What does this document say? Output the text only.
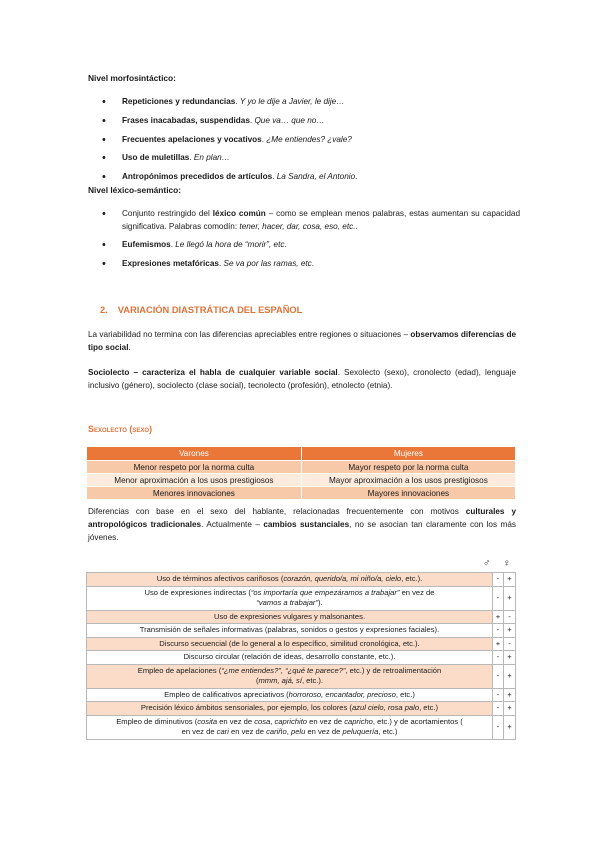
Nivel morfosintáctico:
• Repeticiones y redundancias. Y yo le dije a Javier, le dije…
• Frases inacabadas, suspendidas. Que va… que no…
• Frecuentes apelaciones y vocativos. ¿Me entiendes? ¿vale?
• Uso de muletillas. En plan…
• Antropónimos precedidos de artículos. La Sandra, el Antonio.
Nivel léxico-semántico:
• Conjunto restringido del léxico común – como se emplean menos palabras, estas aumentan su capacidad significativa. Palabras comodín: tener, hacer, dar, cosa, eso, etc..
• Eufemismos. Le llegó la hora de “morir”, etc.
• Expresiones metafóricas. Se va por las ramas, etc.
2. VARIACIÓN DIASTRÁTICA DEL ESPAÑOL
La variabilidad no termina con las diferencias apreciables entre regiones o situaciones – observamos diferencias de tipo social.
Sociolecto – caracteriza el habla de cualquier variable social. Sexolecto (sexo), cronolecto (edad), lenguaje inclusivo (género), sociolecto (clase social), tecnolecto (profesión), etnolecto (etnia).
Sexolecto (sexo)
Varones	Mujeres
Menor respeto por la norma culta	Mayor respeto por la norma culta
Menor aproximación a los usos prestigiosos	Mayor aproximación a los usos prestigiosos
Menores innovaciones	Mayores innovaciones
Diferencias con base en el sexo del hablante, relacionadas frecuentemente con motivos culturales y antropológicos tradicionales. Actualmente – cambios sustanciales, no se asocian tan claramente con los más jóvenes.
♂ ♀
Uso de términos afectivos cariñosos (corazón, querido/a, mi niño/a, cielo, etc.).	-	+
Uso de expresiones indirectas (“os importaría que empezáramos a trabajar” en vez de
“vamos a trabajar”).	-	+
Uso de expresiones vulgares y malsonantes.	+	-
Transmisión de señales informativas (palabras, sonidos o gestos y expresiones faciales).	-	+
Discurso secuencial (de lo general a lo específico, similitud cronológica, etc.).	+	-
Discurso circular (relación de ideas, desarrollo constante, etc.).	-	+
Empleo de apelaciones (“¿me entiendes?”, “¿qué te parece?”, etc.) y de retroalimentación
(mmm, ajá, sí, etc.).	-	+
Empleo de calificativos apreciativos (horroroso, encantador, precioso, etc.)	-	+
Precisión léxico ámbitos sensoriales, por ejemplo, los colores (azul cielo, rosa palo, etc.)	-	+
Empleo de diminutivos (cosita en vez de cosa, caprichito en vez de capricho, etc.) y de acortamientos (
en vez de cari en vez de cariño, pelu en vez de peluquería, etc.)	-	+
